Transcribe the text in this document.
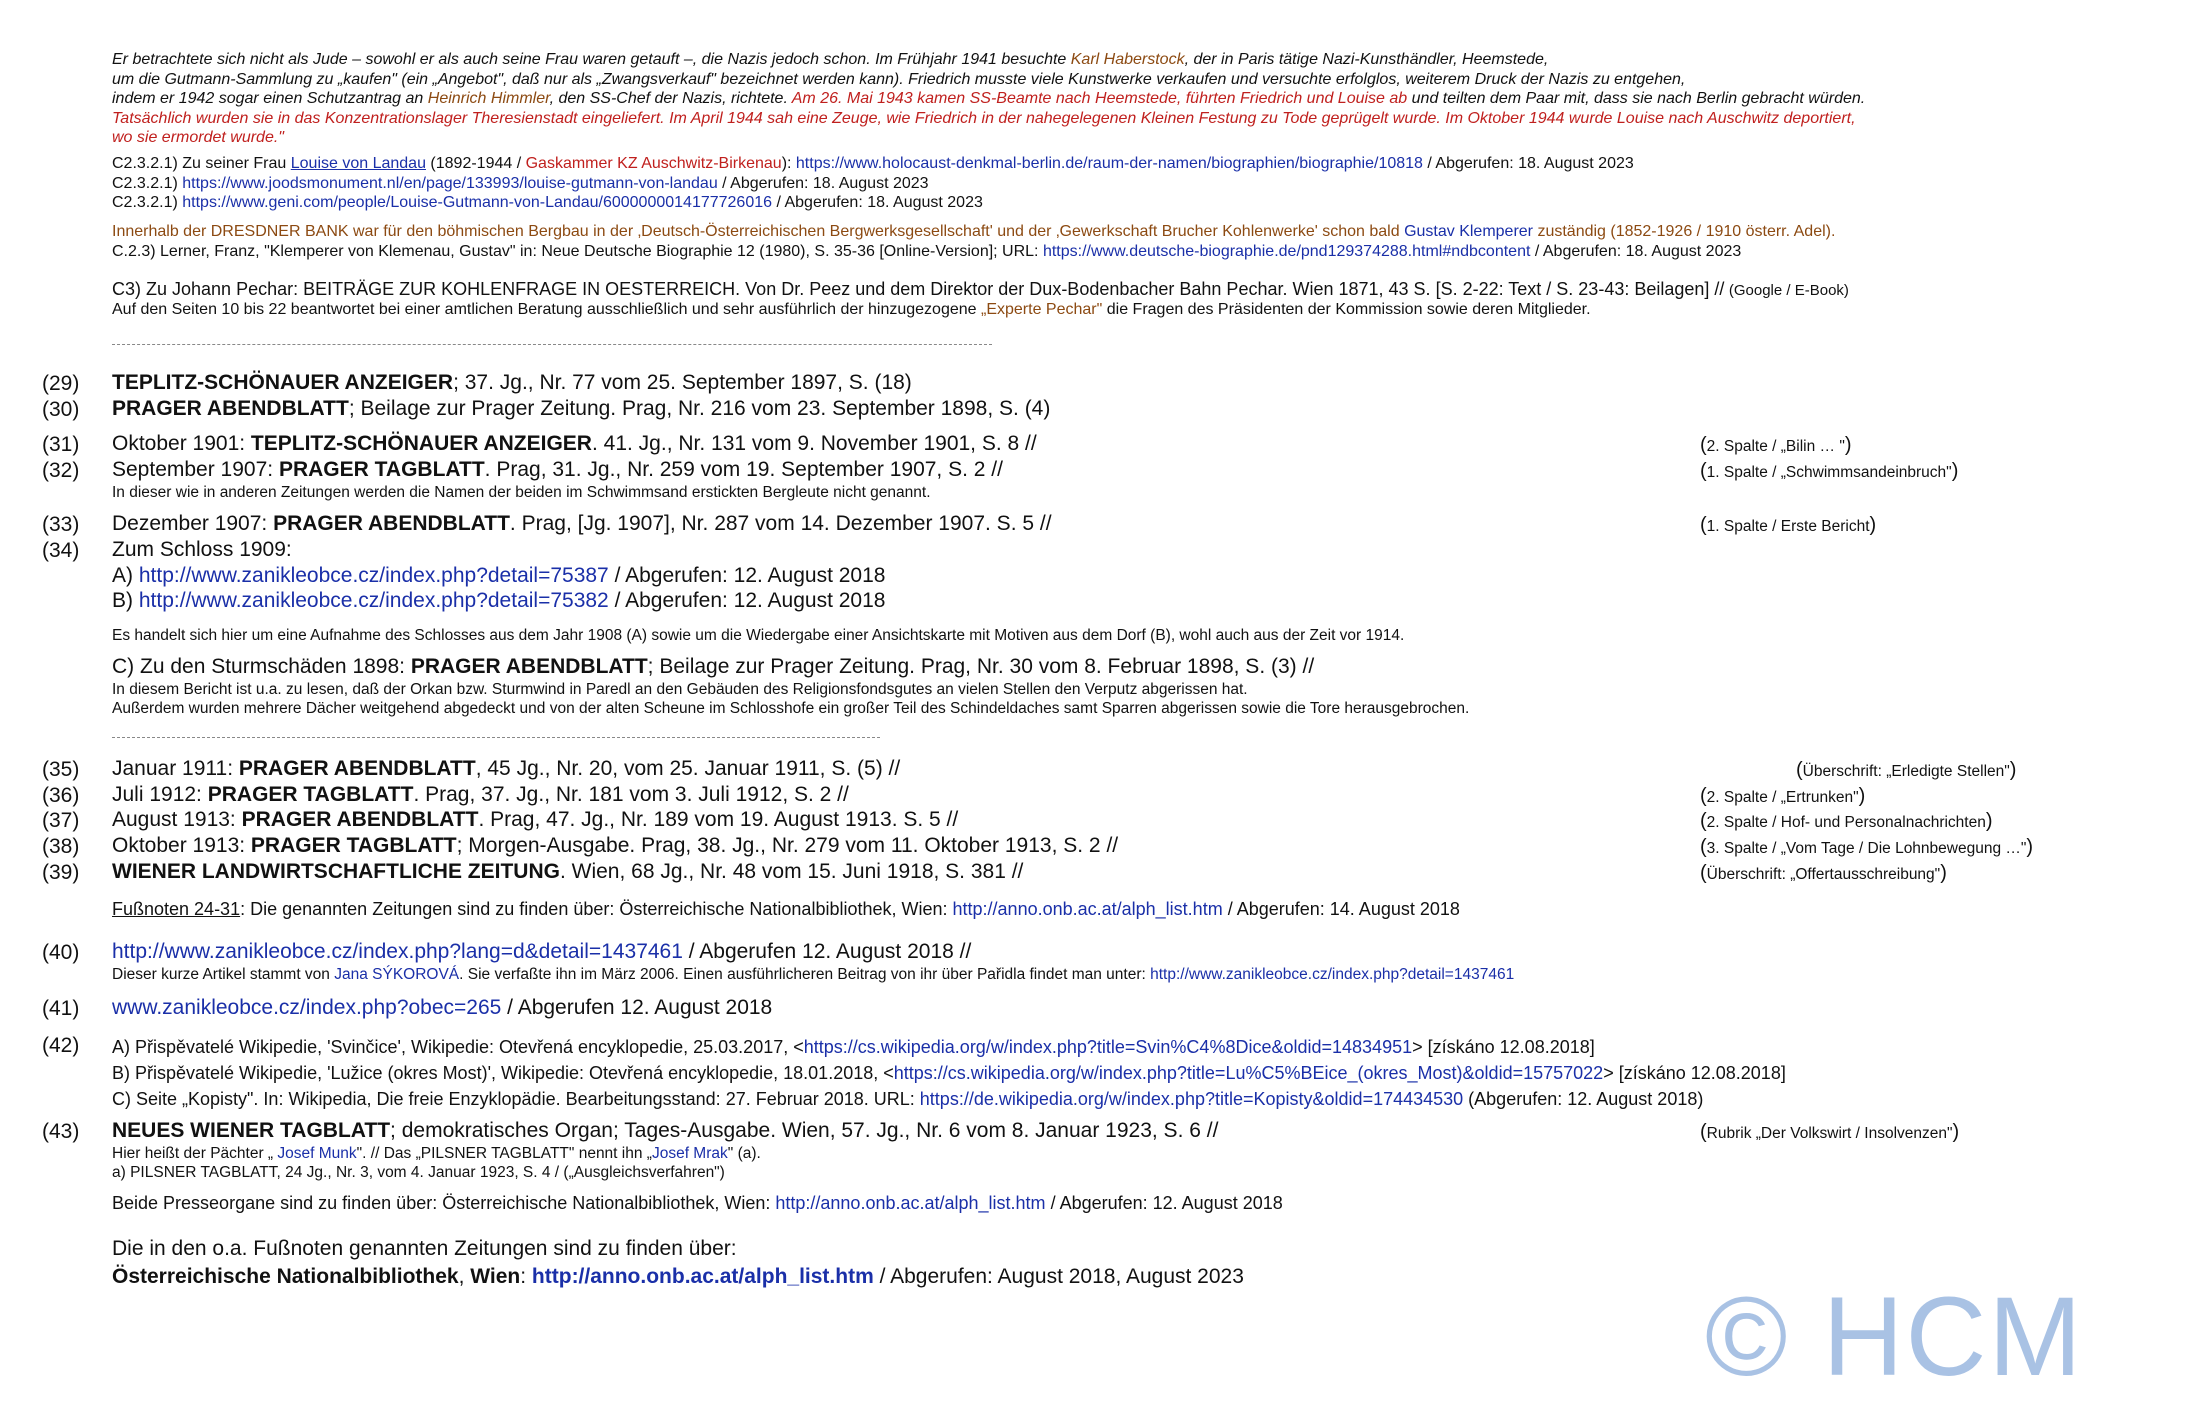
Er betrachtete sich nicht als Jude – sowohl er als auch seine Frau waren getauft –, die Nazis jedoch schon. Im Frühjahr 1941 besuchte Karl Haberstock, der in Paris tätige Nazi-Kunsthändler, Heemstede,
um die Gutmann-Sammlung zu „kaufen" (ein „Angebot", daß nur als „Zwangsverkauf" bezeichnet werden kann). Friedrich musste viele Kunstwerke verkaufen und versuchte erfolglos, weiterem Druck der Nazis zu entgehen,
indem er 1942 sogar einen Schutzantrag an Heinrich Himmler, den SS-Chef der Nazis, richtete. Am 26. Mai 1943 kamen SS-Beamte nach Heemstede, führten Friedrich und Louise ab und teilten dem Paar mit, dass sie nach Berlin gebracht würden.
Tatsächlich wurden sie in das Konzentrationslager Theresienstadt eingeliefert. Im April 1944 sah eine Zeuge, wie Friedrich in der nahegelegenen Kleinen Festung zu Tode geprügelt wurde. Im Oktober 1944 wurde Louise nach Auschwitz deportiert,
wo sie ermordet wurde."
C2.3.2.1) Zu seiner Frau Louise von Landau (1892-1944 / Gaskammer KZ Auschwitz-Birkenau): https://www.holocaust-denkmal-berlin.de/raum-der-namen/biographien/biographie/10818 / Abgerufen: 18. August 2023
C2.3.2.1) https://www.joodsmonument.nl/en/page/133993/louise-gutmann-von-landau / Abgerufen: 18. August 2023
C2.3.2.1) https://www.geni.com/people/Louise-Gutmann-von-Landau/6000000014177726016 / Abgerufen: 18. August 2023
Innerhalb der DRESDNER BANK war für den böhmischen Bergbau in der ‚Deutsch-Österreichischen Bergwerksgesellschaft' und der ‚Gewerkschaft Brucher Kohlenwerke' schon bald Gustav Klemperer zuständig (1852-1926 / 1910 österr. Adel).
C.2.3) Lerner, Franz, "Klemperer von Klemenau, Gustav" in: Neue Deutsche Biographie 12 (1980), S. 35-36 [Online-Version]; URL: https://www.deutsche-biographie.de/pnd129374288.html#ndbcontent / Abgerufen: 18. August 2023
C3) Zu Johann Pechar: BEITRÄGE ZUR KOHLENFRAGE IN OESTERREICH. Von Dr. Peez und dem Direktor der Dux-Bodenbacher Bahn Pechar. Wien 1871, 43 S. [S. 2-22: Text / S. 23-43: Beilagen] // (Google / E-Book)
Auf den Seiten 10 bis 22 beantwortet bei einer amtlichen Beratung ausschließlich und sehr ausführlich der hinzugezogene „Experte Pechar" die Fragen des Präsidenten der Kommission sowie deren Mitglieder.
(29) TEPLITZ-SCHÖNAUER ANZEIGER; 37. Jg., Nr. 77 vom 25. September 1897, S. (18)
(30) PRAGER ABENDBLATT; Beilage zur Prager Zeitung. Prag, Nr. 216 vom 23. September 1898, S. (4)
(31) Oktober 1901: TEPLITZ-SCHÖNAUER ANZEIGER. 41. Jg., Nr. 131 vom 9. November 1901, S. 8 //	(2. Spalte / „Bilin … ")
(32) September 1907: PRAGER TAGBLATT. Prag, 31. Jg., Nr. 259 vom 19. September 1907, S. 2 //	(1. Spalte / „Schwimmsandeinbruch")
In dieser wie in anderen Zeitungen werden die Namen der beiden im Schwimmsand erstickten Bergleute nicht genannt.
(33) Dezember 1907: PRAGER ABENDBLATT. Prag, [Jg. 1907], Nr. 287 vom 14. Dezember 1907. S. 5 //	(1. Spalte / Erste Bericht)
(34) Zum Schloss 1909:
A) http://www.zanikleobce.cz/index.php?detail=75387 / Abgerufen: 12. August 2018
B) http://www.zanikleobce.cz/index.php?detail=75382 / Abgerufen: 12. August 2018
Es handelt sich hier um eine Aufnahme des Schlosses aus dem Jahr 1908 (A) sowie um die Wiedergabe einer Ansichtskarte mit Motiven aus dem Dorf (B), wohl auch aus der Zeit vor 1914.
C) Zu den Sturmschäden 1898: PRAGER ABENDBLATT; Beilage zur Prager Zeitung. Prag, Nr. 30 vom 8. Februar 1898, S. (3) //
In diesem Bericht ist u.a. zu lesen, daß der Orkan bzw. Sturmwind in Paredl an den Gebäuden des Religionsfondsgutes an vielen Stellen den Verputz abgerissen hat.
Außerdem wurden mehrere Dächer weitgehend abgedeckt und von der alten Scheune im Schlosshofe ein großer Teil des Schindeldaches samt Sparren abgerissen sowie die Tore herausgebrochen.
(35) Januar 1911: PRAGER ABENDBLATT, 45 Jg., Nr. 20, vom 25. Januar 1911, S. (5) //	(Überschrift: „Erledigte Stellen")
(36) Juli 1912: PRAGER TAGBLATT. Prag, 37. Jg., Nr. 181 vom 3. Juli 1912, S. 2 //	(2. Spalte / „Ertrunken")
(37) August 1913: PRAGER ABENDBLATT. Prag, 47. Jg., Nr. 189 vom 19. August 1913. S. 5 //	(2. Spalte / Hof- und Personalnachrichten)
(38) Oktober 1913: PRAGER TAGBLATT; Morgen-Ausgabe. Prag, 38. Jg., Nr. 279 vom 11. Oktober 1913, S. 2 //	(3. Spalte / „Vom Tage / Die Lohnbewegung …")
(39) WIENER LANDWIRTSCHAFTLICHE ZEITUNG. Wien, 68 Jg., Nr. 48 vom 15. Juni 1918, S. 381 //	(Überschrift: „Offertausschreibung")
Fußnoten 24-31: Die genannten Zeitungen sind zu finden über: Österreichische Nationalbibliothek, Wien: http://anno.onb.ac.at/alph_list.htm / Abgerufen: 14. August 2018
(40) http://www.zanikleobce.cz/index.php?lang=d&detail=1437461 / Abgerufen 12. August 2018 //
Dieser kurze Artikel stammt von Jana SÝKOROVÁ. Sie verfaßte ihn im März 2006. Einen ausführlicheren Beitrag von ihr über Pařidla findet man unter: http://www.zanikleobce.cz/index.php?detail=1437461
(41) www.zanikleobce.cz/index.php?obec=265 / Abgerufen 12. August 2018
(42) A) Přispěvatelé Wikipedie, 'Svinčice', Wikipedie: Otevřená encyklopedie, 25.03.2017, <https://cs.wikipedia.org/w/index.php?title=Svin%C4%8Dice&oldid=14834951> [získáno 12.08.2018]
B) Přispěvatelé Wikipedie, 'Lužice (okres Most)', Wikipedie: Otevřená encyklopedie, 18.01.2018, <https://cs.wikipedia.org/w/index.php?title=Lu%C5%BEice_(okres_Most)&oldid=15757022> [získáno 12.08.2018]
C) Seite „Kopisty". In: Wikipedia, Die freie Enzyklopädie. Bearbeitungsstand: 27. Februar 2018. URL: https://de.wikipedia.org/w/index.php?title=Kopisty&oldid=174434530 (Abgerufen: 12. August 2018)
(43) NEUES WIENER TAGBLATT; demokratisches Organ; Tages-Ausgabe. Wien, 57. Jg., Nr. 6 vom 8. Januar 1923, S. 6 //	(Rubrik „Der Volkswirt / Insolvenzen")
Hier heißt der Pächter „ Josef Munk". // Das „PILSNER TAGBLATT" nennt ihn „Josef Mrak" (a).
a) PILSNER TAGBLATT, 24 Jg., Nr. 3, vom 4. Januar 1923, S. 4 / („Ausgleichsverfahren")
Beide Presseorgane sind zu finden über: Österreichische Nationalbibliothek, Wien: http://anno.onb.ac.at/alph_list.htm / Abgerufen: 12. August 2018
Die in den o.a. Fußnoten genannten Zeitungen sind zu finden über:
Österreichische Nationalbibliothek, Wien: http://anno.onb.ac.at/alph_list.htm / Abgerufen: August 2018, August 2023	© HCM
